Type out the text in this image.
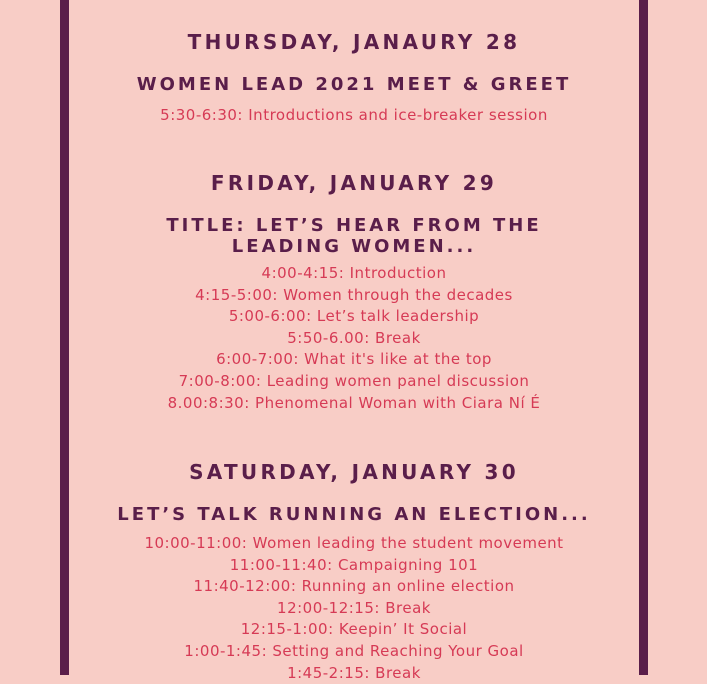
THURSDAY, JANAURY 28

WOMEN LEAD 2021 MEET & GREET

5:30-6:30: Introductions and ice-breaker session

FRIDAY, JANUARY 29

TITLE: LET’S HEAR FROM THE

LEADING WOMEN...

4:00-4:15: Introduction

4:15-5:00: Women through the decades

5:00-6:00: Let’s talk leadership

5:50-6.00: Break

6:00-7:00: What it's like at the top

7:00-8:00: Leading women panel discussion

8.00:8:30: Phenomenal Woman with Ciara Ní É

SATURDAY, JANUARY 30

LET’S TALK RUNNING AN ELECTION...

10:00-11:00: Women leading the student movement

11:00-11:40: Campaigning 101

11:40-12:00: Running an online election

12:00-12:15: Break

12:15-1:00: Keepin’ It Social

1:00-1:45: Setting and Reaching Your Goal

1:45-2:15: Break
